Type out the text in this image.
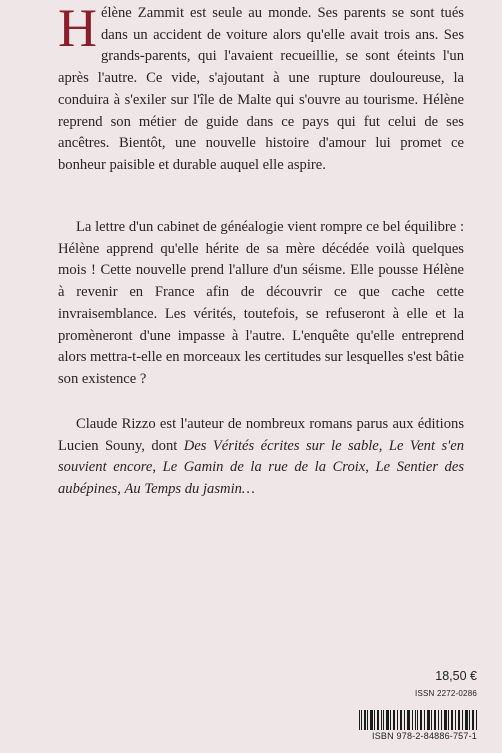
Hélène Zammit est seule au monde. Ses parents se sont tués dans un accident de voiture alors qu'elle avait trois ans. Ses grands-parents, qui l'avaient recueillie, se sont éteints l'un après l'autre. Ce vide, s'ajoutant à une rupture douloureuse, la conduira à s'exiler sur l'île de Malte qui s'ouvre au tourisme. Hélène reprend son métier de guide dans ce pays qui fut celui de ses ancêtres. Bientôt, une nouvelle histoire d'amour lui promet ce bonheur paisible et durable auquel elle aspire.

La lettre d'un cabinet de généalogie vient rompre ce bel équilibre : Hélène apprend qu'elle hérite de sa mère décédée voilà quelques mois ! Cette nouvelle prend l'allure d'un séisme. Elle pousse Hélène à revenir en France afin de découvrir ce que cache cette invraisemblance. Les vérités, toutefois, se refuseront à elle et la promèneront d'une impasse à l'autre. L'enquête qu'elle entreprend alors mettra-t-elle en morceaux les certitudes sur lesquelles s'est bâtie son existence ?

Claude Rizzo est l'auteur de nombreux romans parus aux éditions Lucien Souny, dont Des Vérités écrites sur le sable, Le Vent s'en souvient encore, Le Gamin de la rue de la Croix, Le Sentier des aubépines, Au Temps du jasmin…

18,50 €
ISSN 2272-0286
ISBN 978-2-84886-757-1
